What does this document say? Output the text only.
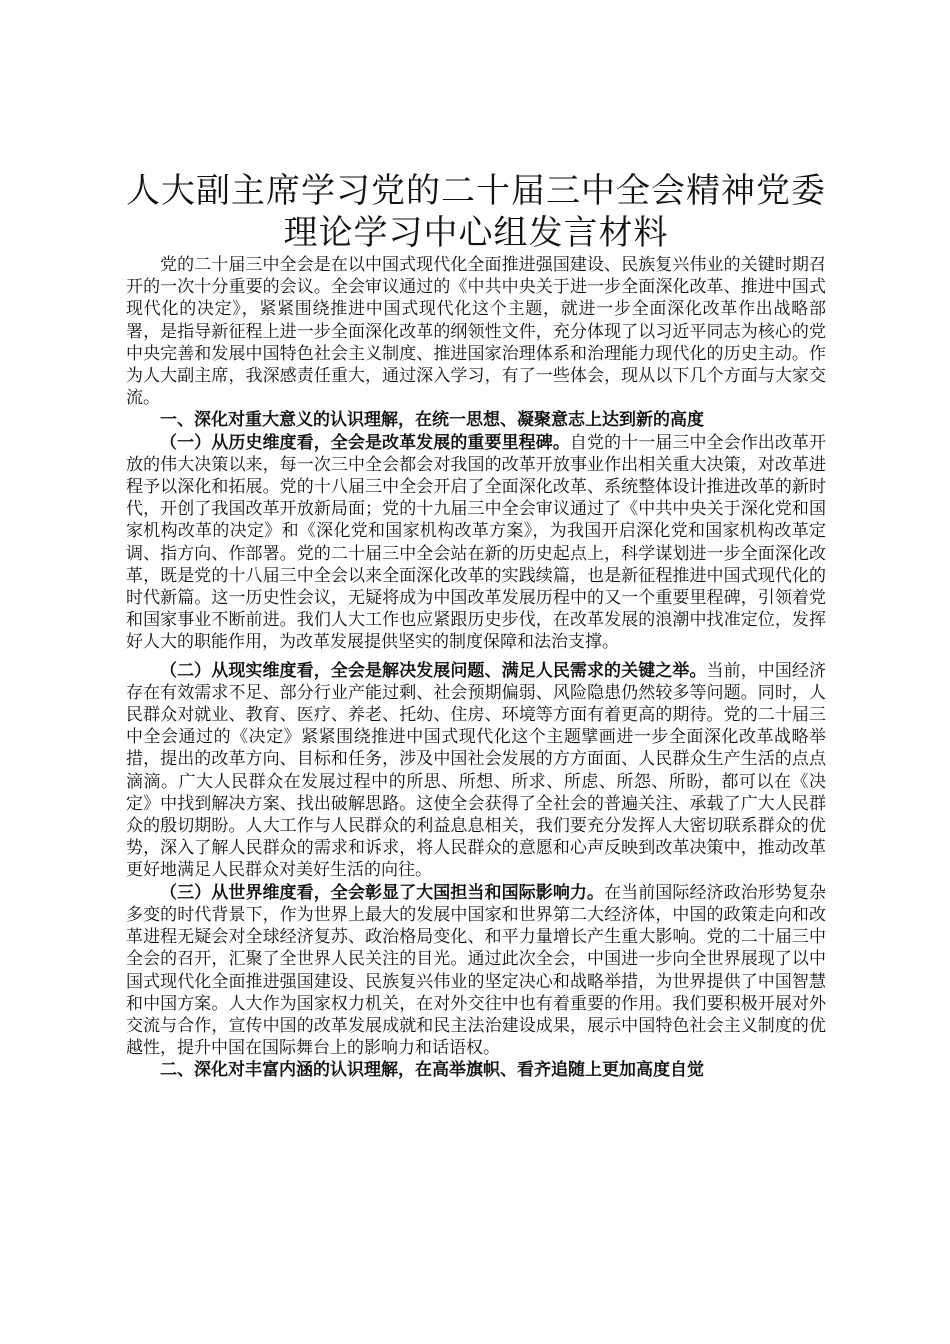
人大副主席学习党的二十届三中全会精神党委
理论学习中心组发言材料

党的二十届三中全会是在以中国式现代化全面推进强国建设、民族复兴伟业的关键时期召开的一次十分重要的会议。全会审议通过的《中共中央关于进一步全面深化改革、推进中国式现代化的决定》，紧紧围绕推进中国式现代化这个主题，就进一步全面深化改革作出战略部署，是指导新征程上进一步全面深化改革的纲领性文件，充分体现了以习近平同志为核心的党中央完善和发展中国特色社会主义制度、推进国家治理体系和治理能力现代化的历史主动。作为人大副主席，我深感责任重大，通过深入学习，有了一些体会，现从以下几个方面与大家交流。

一、深化对重大意义的认识理解，在统一思想、凝聚意志上达到新的高度

（一）从历史维度看，全会是改革发展的重要里程碑。自党的十一届三中全会作出改革开放的伟大决策以来，每一次三中全会都会对我国的改革开放事业作出相关重大决策，对改革进程予以深化和拓展。党的十八届三中全会开启了全面深化改革、系统整体设计推进改革的新时代，开创了我国改革开放新局面；党的十九届三中全会审议通过了《中共中央关于深化党和国家机构改革的决定》和《深化党和国家机构改革方案》，为我国开启深化党和国家机构改革定调、指方向、作部署。党的二十届三中全会站在新的历史起点上，科学谋划进一步全面深化改革，既是党的十八届三中全会以来全面深化改革的实践续篇，也是新征程推进中国式现代化的时代新篇。这一历史性会议，无疑将成为中国改革发展历程中的又一个重要里程碑，引领着党和国家事业不断前进。我们人大工作也应紧跟历史步伐，在改革发展的浪潮中找准定位，发挥好人大的职能作用，为改革发展提供坚实的制度保障和法治支撑。

（二）从现实维度看，全会是解决发展问题、满足人民需求的关键之举。当前，中国经济存在有效需求不足、部分行业产能过剩、社会预期偏弱、风险隐患仍然较多等问题。同时，人民群众对就业、教育、医疗、养老、托幼、住房、环境等方面有着更高的期待。党的二十届三中全会通过的《决定》紧紧围绕推进中国式现代化这个主题擘画进一步全面深化改革战略举措，提出的改革方向、目标和任务，涉及中国社会发展的方方面面、人民群众生产生活的点点滴滴。广大人民群众在发展过程中的所思、所想、所求、所虑、所怨、所盼，都可以在《决定》中找到解决方案、找出破解思路。这使全会获得了全社会的普遍关注、承载了广大人民群众的殷切期盼。人大工作与人民群众的利益息息相关，我们要充分发挥人大密切联系群众的优势，深入了解人民群众的需求和诉求，将人民群众的意愿和心声反映到改革决策中，推动改革更好地满足人民群众对美好生活的向往。

（三）从世界维度看，全会彰显了大国担当和国际影响力。在当前国际经济政治形势复杂多变的时代背景下，作为世界上最大的发展中国家和世界第二大经济体，中国的政策走向和改革进程无疑会对全球经济复苏、政治格局变化、和平力量增长产生重大影响。党的二十届三中全会的召开，汇聚了全世界人民关注的目光。通过此次全会，中国进一步向全世界展现了以中国式现代化全面推进强国建设、民族复兴伟业的坚定决心和战略举措，为世界提供了中国智慧和中国方案。人大作为国家权力机关，在对外交往中也有着重要的作用。我们要积极开展对外交流与合作，宣传中国的改革发展成就和民主法治建设成果，展示中国特色社会主义制度的优越性，提升中国在国际舞台上的影响力和话语权。

二、深化对丰富内涵的认识理解，在高举旗帜、看齐追随上更加高度自觉
